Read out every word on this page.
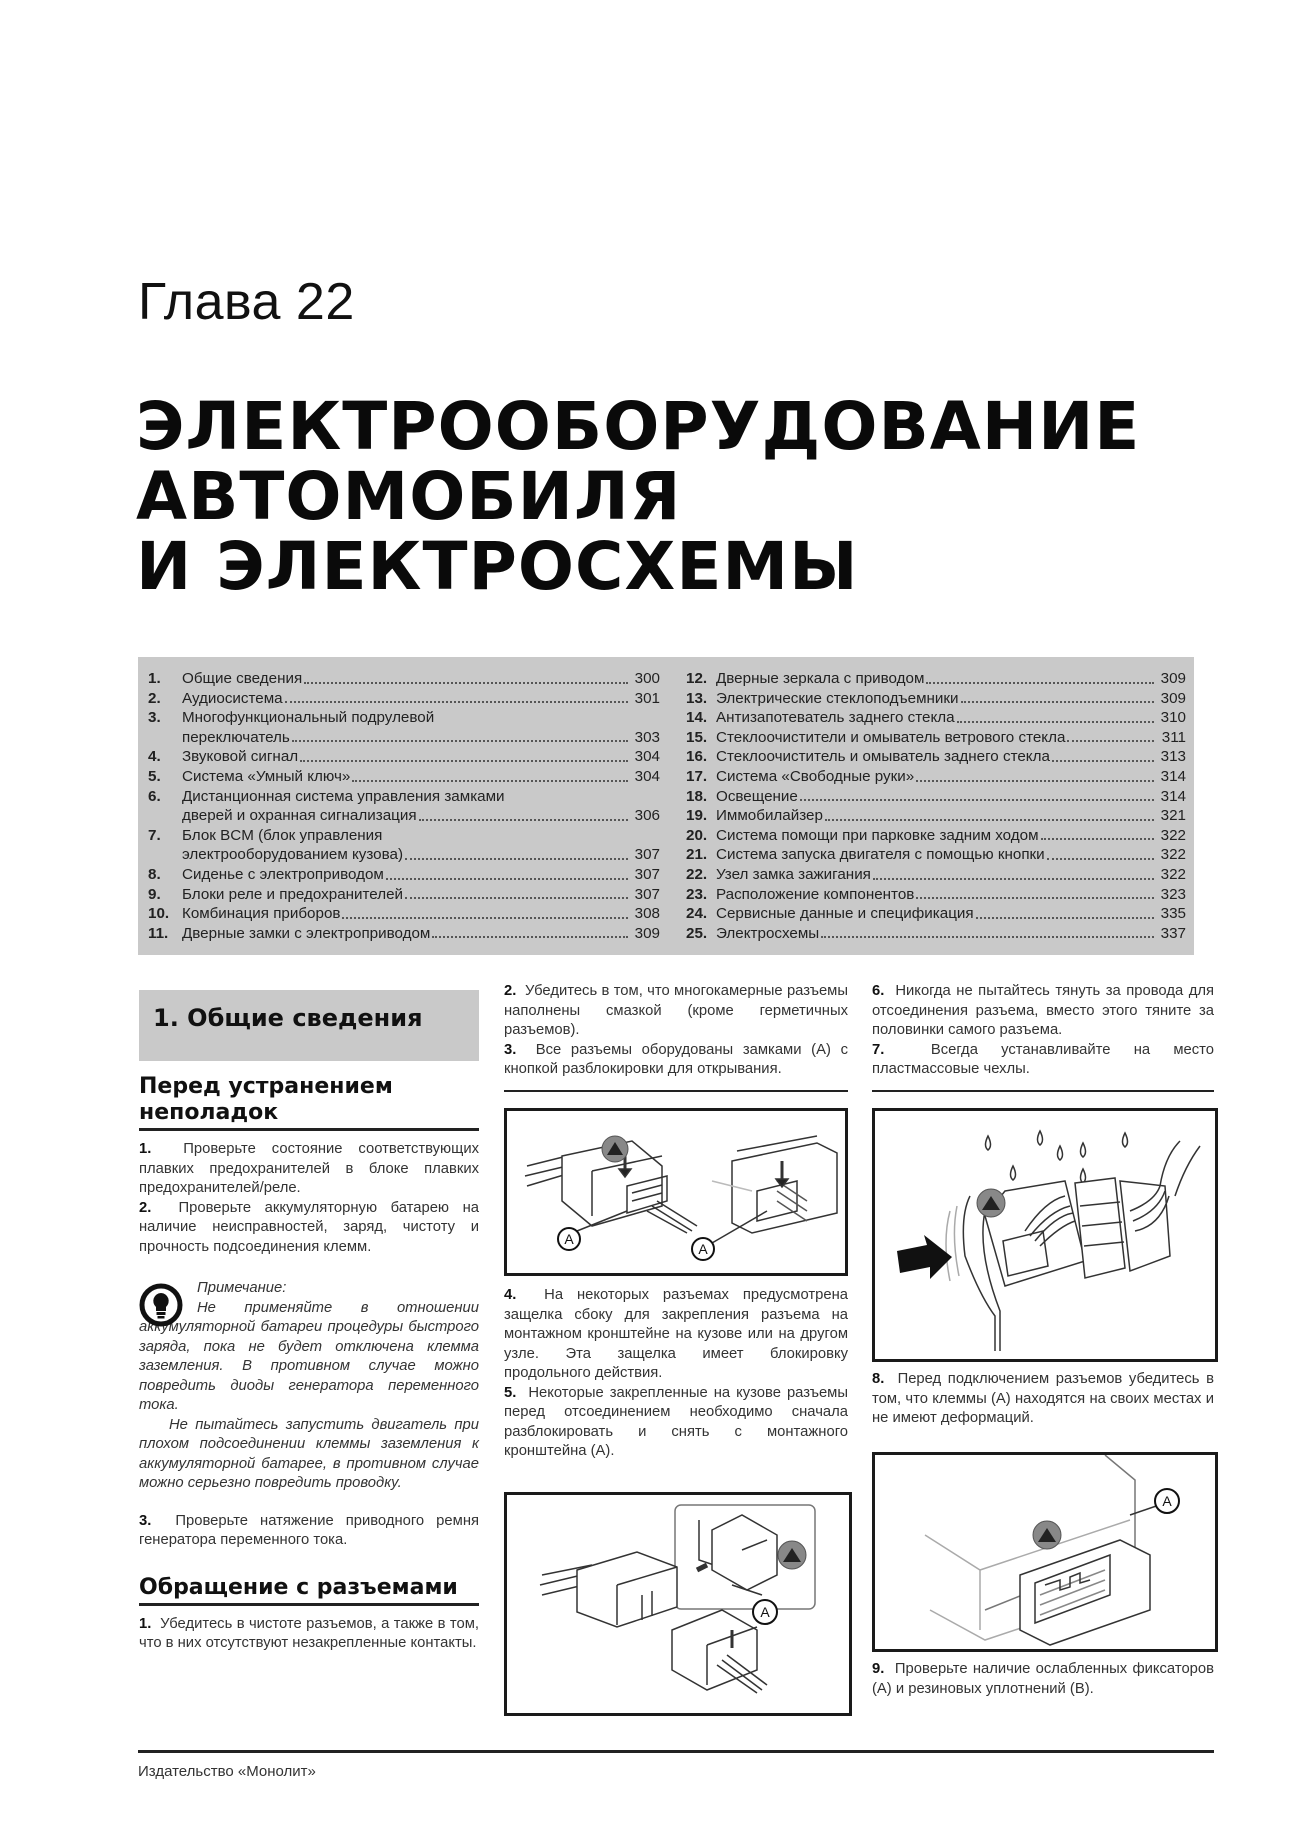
Глава 22
ЭЛЕКТРООБОРУДОВАНИЕ
АВТОМОБИЛЯ
И ЭЛЕКТРОСХЕМЫ
1.	Общие сведения	300
2.	Аудиосистема	301
3.	Многофункциональный подрулевой
переключатель	303
4.	Звуковой сигнал	304
5.	Система «Умный ключ»	304
6.	Дистанционная система управления замками
дверей и охранная сигнализация	306
7.	Блок BCM (блок управления
электрооборудованием кузова)	307
8.	Сиденье с электроприводом	307
9.	Блоки реле и предохранителей	307
10. Комбинация приборов	308
11. Дверные замки с электроприводом	309
12. Дверные зеркала с приводом	309
13. Электрические стеклоподъемники	309
14. Антизапотеватель заднего стекла	310
15. Стеклоочистители и омыватель ветрового стекла	311
16. Стеклоочиститель и омыватель заднего стекла	313
17. Система «Свободные руки»	314
18. Освещение	314
19. Иммобилайзер	321
20. Система помощи при парковке задним ходом	322
21. Система запуска двигателя с помощью кнопки	322
22. Узел замка зажигания	322
23. Расположение компонентов	323
24. Сервисные данные и спецификация	335
25. Электросхемы	337
1. Общие сведения
Перед устранением неполадок
1. Проверьте состояние соответствующих плавких предохранителей в блоке плавких предохранителей/реле.
2. Проверьте аккумуляторную батарею на наличие неисправностей, заряд, чистоту и прочность подсоединения клемм.
Примечание:
Не применяйте в отношении аккумуляторной батареи процедуры быстрого заряда, пока не будет отключена клемма заземления. В противном случае можно повредить диоды генератора переменного тока.
Не пытайтесь запустить двигатель при плохом подсоединении клеммы заземления к аккумуляторной батарее, в противном случае можно серьезно повредить проводку.
3. Проверьте натяжение приводного ремня генератора переменного тока.
Обращение с разъемами
1. Убедитесь в чистоте разъемов, а также в том, что в них отсутствуют незакрепленные контакты.
2. Убедитесь в том, что многокамерные разъемы наполнены смазкой (кроме герметичных разъемов).
3. Все разъемы оборудованы замками (A) с кнопкой разблокировки для открывания.
A
A
4. На некоторых разъемах предусмотрена защелка сбоку для закрепления разъема на монтажном кронштейне на кузове или на другом узле. Эта защелка имеет блокировку продольного действия.
5. Некоторые закрепленные на кузове разъемы перед отсоединением необходимо сначала разблокировать и снять с монтажного кронштейна (A).
A
6. Никогда не пытайтесь тянуть за провода для отсоединения разъема, вместо этого тяните за половинки самого разъема.
7.	Всегда устанавливайте на место пластмассовые чехлы.
8. Перед подключением разъемов убедитесь в том, что клеммы (A) находятся на своих местах и не имеют деформаций.
A
9. Проверьте наличие ослабленных фиксаторов (A) и резиновых уплотнений (B).
Издательство «Монолит»
